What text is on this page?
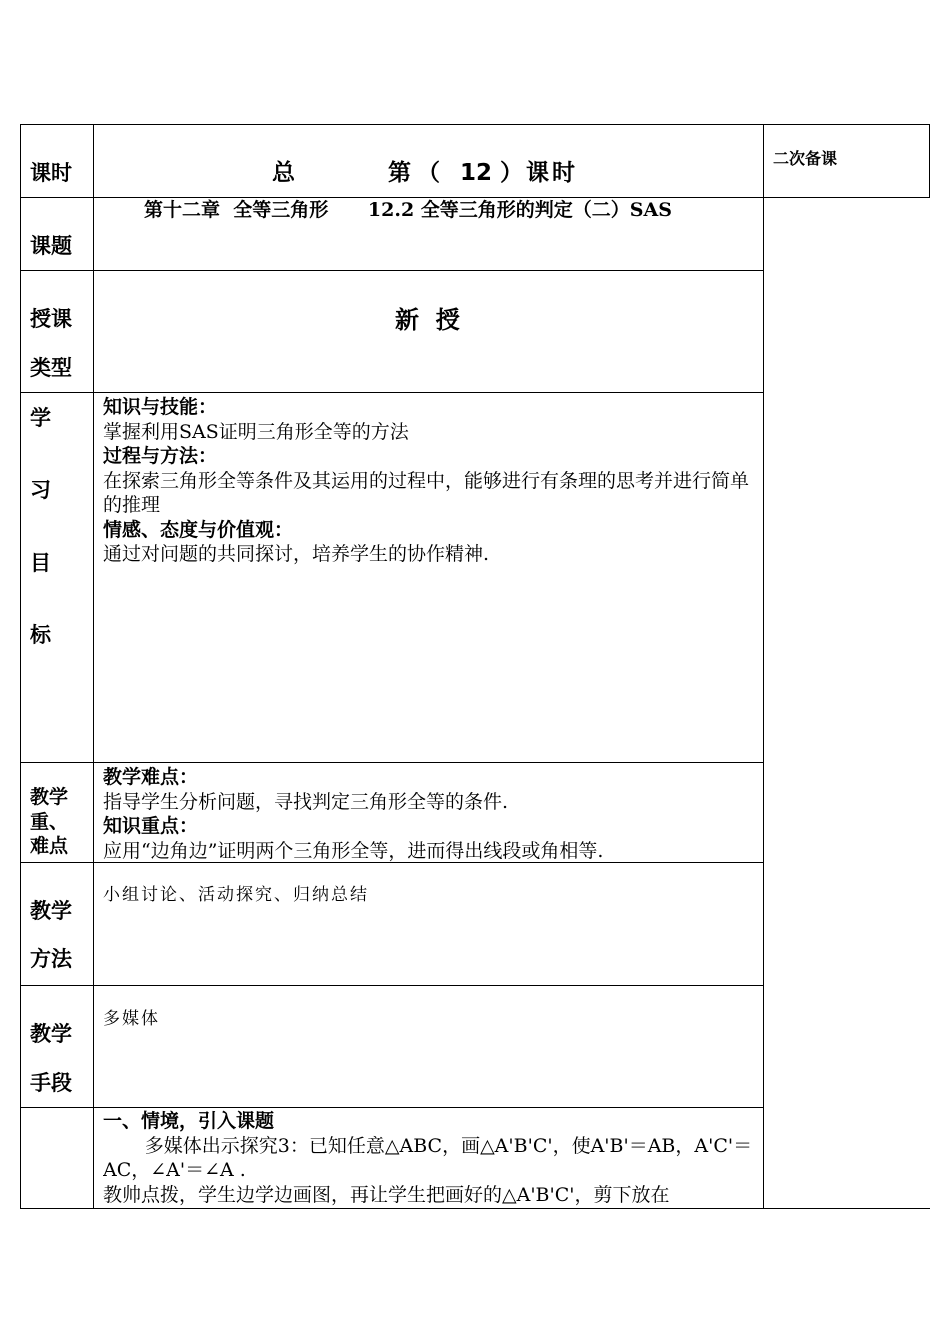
课时	总	第（ 12 ）课时
二次备课
课题
第十二章  全等三角形      12.2 全等三角形的判定（二）SAS
授课
类型
新  授
学
习
目
标
知识与技能：
掌握利用SAS证明三角形全等的方法
过程与方法：
在探索三角形全等条件及其运用的过程中，能够进行有条理的思考并进行简单的推理
情感、态度与价值观：
通过对问题的共同探讨，培养学生的协作精神.
教学
重、
难点
教学难点：
指导学生分析问题，寻找判定三角形全等的条件.
知识重点：
应用“边角边”证明两个三角形全等，进而得出线段或角相等.
教学
方法
小组讨论、活动探究、归纳总结
教学
手段
多媒体
一、情境，引入课题
多媒体出示探究3：已知任意△ABC，画△A'B'C'，使A'B'＝AB，A'C'＝AC，∠A'＝∠A .
教帅点拨，学生边学边画图，再让学生把画好的△A'B'C'，剪下放在
